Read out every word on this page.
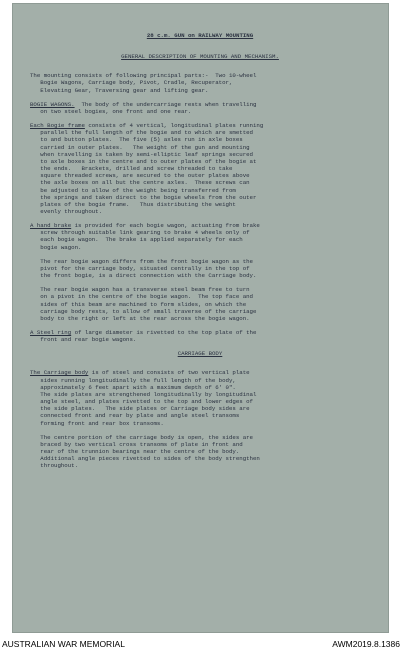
28 c.m. GUN on RAILWAY MOUNTING
GENERAL DESCRIPTION OF MOUNTING AND MECHANISM.
The mounting consists of following principal parts:-  Two 10-wheel
Bogie Wagons, Carriage body, Pivot, Cradle, Recuperator,
Elevating Gear, Traversing gear and lifting gear.
BOGIE WAGONS.  The body of the undercarriage rests when travelling
on two steel bogies, one front and one rear.
Each Bogie frame consists of 4 vertical, longitudinal plates running
parallel the full length of the bogie and to which are smetted
to and button plates.  The five (5) axles run in axle boxes
carried in outer plates.   The weight of the gun and mounting
when travelling is taken by semi-elliptic leaf springs secured
to axle boxes in the centre and to outer plates of the bogie at
the ends.   Brackets, drilled and screw threaded to take
square threaded screws, are secured to the outer plates above
the axle boxes on all but the centre axles.  These screws can
be adjusted to allow of the weight being transferred from
the springs and taken direct to the bogie wheels from the outer
plates of the bogie frame.   Thus distributing the weight
evenly throughout.
A hand brake is provided for each bogie wagon, actuating from brake
screw through suitable link gearing to brake 4 wheels only of
each bogie wagon.  The brake is applied separately for each
bogie wagon.
The rear bogie wagon differs from the front bogie wagon as the
pivot for the carriage body, situated centrally in the top of
the front bogie, is a direct connection with the Carriage body.
The rear bogie wagon has a transverse steel beam free to turn
on a pivot in the centre of the bogie wagon.  The top face and
sides of this beam are machined to form slides, on which the
carriage body rests, to allow of small traverse of the carriage
body to the right or left at the rear across the bogie wagon.
A Steel ring of large diameter is rivetted to the top plate of the
front and rear bogie wagons.
CARRIAGE BODY
The Carriage body is of steel and consists of two vertical plate
sides running longitudinally the full length of the body,
approximately 6 feet apart with a maximum depth of 6' 0".
The side plates are strengthened longitudinally by longitudinal
angle steel, and plates rivetted to the top and lower edges of
the side plates.   The side plates or Carriage body sides are
connected front and rear by plate and angle steel transoms
forming front and rear box transoms.
The centre portion of the carriage body is open, the sides are
braced by two vertical cross transoms of plate in front and
rear of the trunnion bearings near the centre of the body.
Additional angle pieces rivetted to sides of the body strengthen
throughout.
AUSTRALIAN WAR MEMORIAL	AWM2019.8.1386
